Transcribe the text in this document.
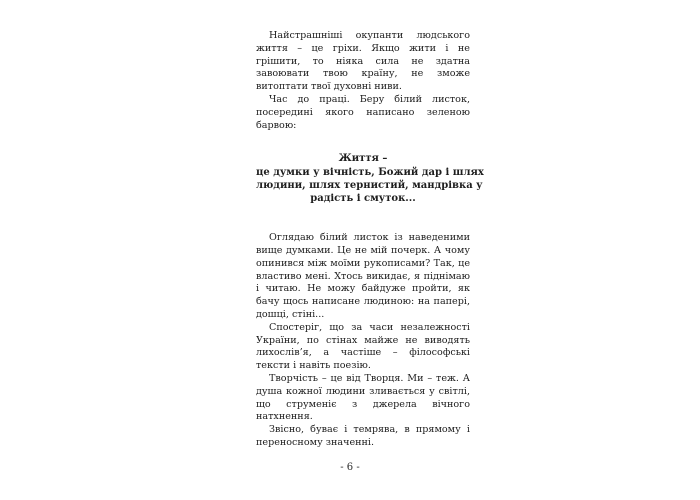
Найстрашніші окупанти людського життя – це гріхи. Якщо жити і не грішити, то ніяка сила не здатна завоювати твою країну, не зможе витоптати твої духовні ниви.

Час до праці. Беру білий листок, посередині якого написано зеленою барвою:

Життя –
це думки у вічність, Божий дар і шлях
людини, шлях тернистий, мандрівка у
радість і смуток...

Оглядаю білий листок із наведеними вище думками. Це не мій почерк. А чому опинився між моїми рукописами? Так, це властиво мені. Хтось викидає, я піднімаю і читаю. Не можу байдуже пройти, як бачу щось написане людиною: на папері, дошці, стіні...

Спостеріг, що за часи незалежності України, по стінах майже не виводять лихослів’я, а частіше – філософські тексти і навіть поезію.

Творчість – це від Творця. Ми – теж. А душа кожної людини зливається у світлі, що струменіє з джерела вічного натхнення.

Звісно, буває і темрява, в прямому і переносному значенні.

- 6 -
